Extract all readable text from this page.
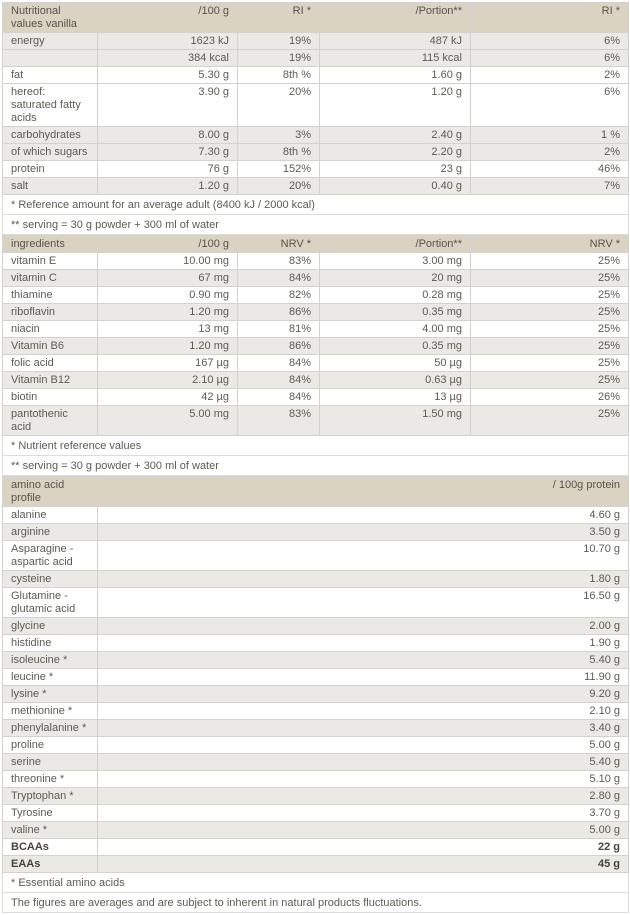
Nutritional values vanilla	/100 g	RI *	/Portion**	RI *
energy	1623 kJ	19%	487 kJ	6%
	384 kcal	19%	115 kcal	6%
fat	5.30 g	8th %	1.60 g	2%
hereof: saturated fatty acids	3.90 g	20%	1.20 g	6%
carbohydrates	8.00 g	3%	2.40 g	1 %
of which sugars	7.30 g	8th %	2.20 g	2%
protein	76 g	152%	23 g	46%
salt	1.20 g	20%	0.40 g	7%
* Reference amount for an average adult (8400 kJ / 2000 kcal)				
** serving = 30 g powder + 300 ml of water				
ingredients	/100 g	NRV *	/Portion**	NRV *
vitamin E	10.00 mg	83%	3.00 mg	25%
vitamin C	67 mg	84%	20 mg	25%
thiamine	0.90 mg	82%	0.28 mg	25%
riboflavin	1.20 mg	86%	0.35 mg	25%
niacin	13 mg	81%	4.00 mg	25%
Vitamin B6	1.20 mg	86%	0.35 mg	25%
folic acid	167 µg	84%	50 µg	25%
Vitamin B12	2.10 µg	84%	0.63 µg	25%
biotin	42 µg	84%	13 µg	26%
pantothenic acid	5.00 mg	83%	1.50 mg	25%
* Nutrient reference values				
** serving = 30 g powder + 300 ml of water				
amino acid profile	/ 100g protein
alanine	4.60 g
arginine	3.50 g
Asparagine - aspartic acid	10.70 g
cysteine	1.80 g
Glutamine - glutamic acid	16.50 g
glycine	2.00 g
histidine	1.90 g
isoleucine *	5.40 g
leucine *	11.90 g
lysine *	9.20 g
methionine *	2.10 g
phenylalanine *	3.40 g
proline	5.00 g
serine	5.40 g
threonine *	5.10 g
Tryptophan *	2.80 g
Tyrosine	3.70 g
valine *	5.00 g
BCAAs	22 g
EAAs	45 g
* Essential amino acids	
The figures are averages and are subject to inherent in natural products fluctuations.	
